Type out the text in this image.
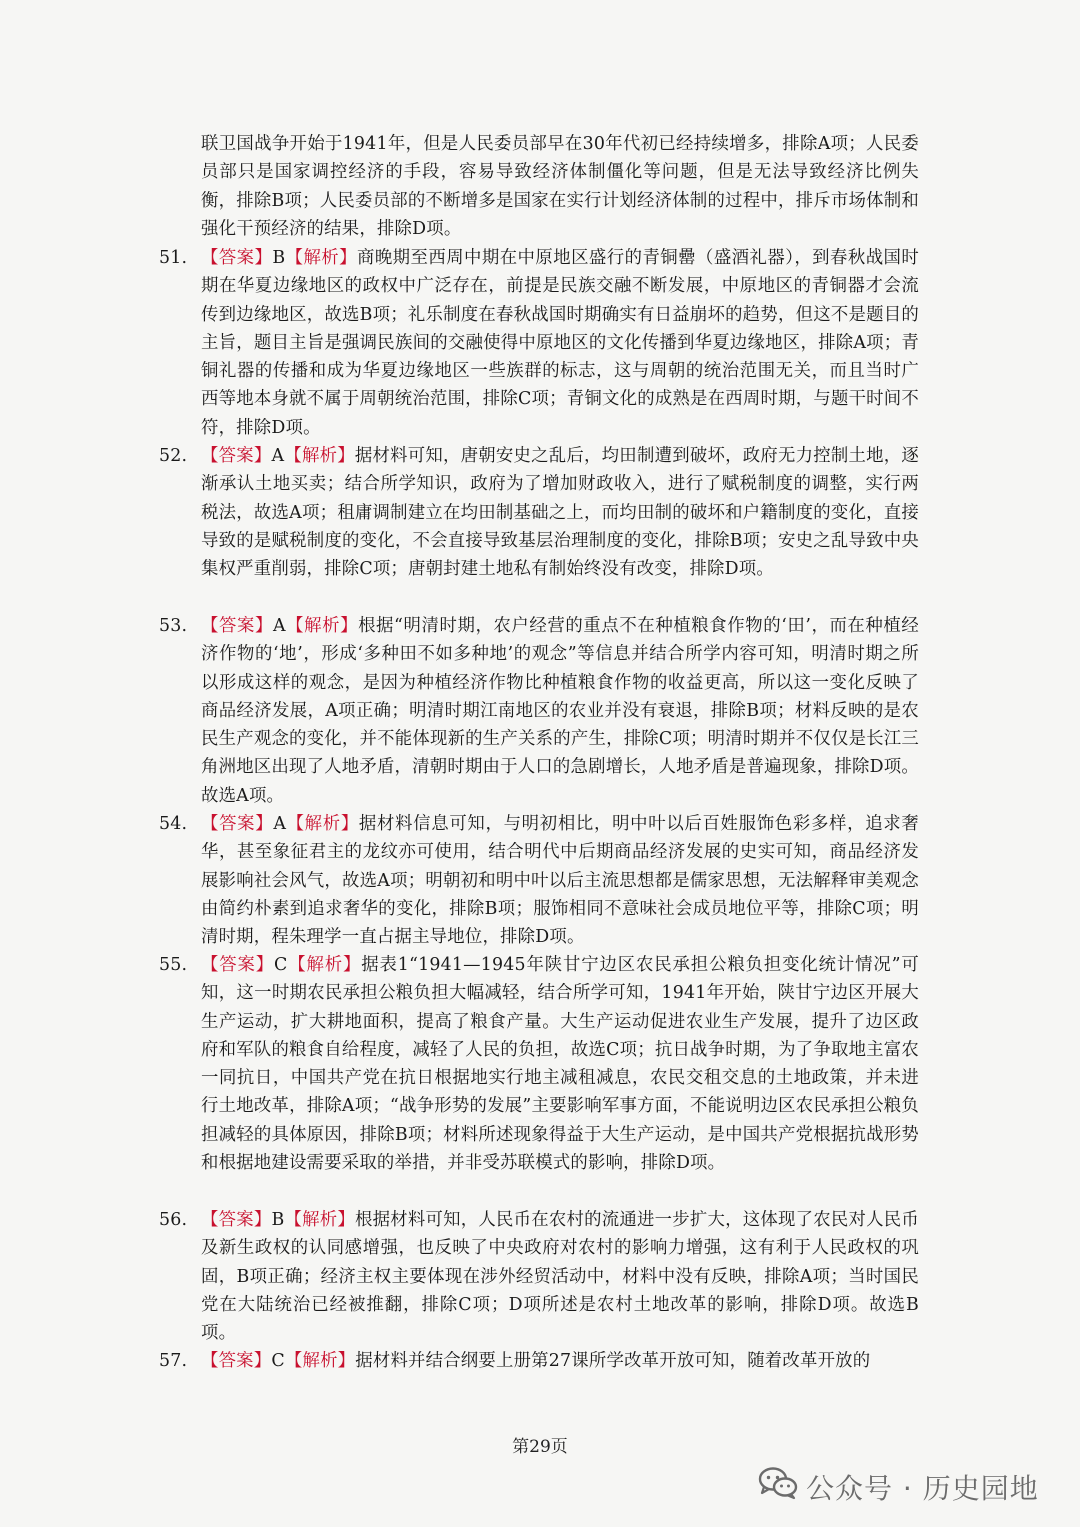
联卫国战争开始于1941年，但是人民委员部早在30年代初已经持续增多，排除A项；人民委员部只是国家调控经济的手段，容易导致经济体制僵化等问题，但是无法导致经济比例失衡，排除B项；人民委员部的不断增多是国家在实行计划经济体制的过程中，排斥市场体制和强化干预经济的结果，排除D项。
51. 【答案】B【解析】商晚期至西周中期在中原地区盛行的青铜罍（盛酒礼器），到春秋战国时期在华夏边缘地区的政权中广泛存在，前提是民族交融不断发展，中原地区的青铜器才会流传到边缘地区，故选B项；礼乐制度在春秋战国时期确实有日益崩坏的趋势，但这不是题目的主旨，题目主旨是强调民族间的交融使得中原地区的文化传播到华夏边缘地区，排除A项；青铜礼器的传播和成为华夏边缘地区一些族群的标志，这与周朝的统治范围无关，而且当时广西等地本身就不属于周朝统治范围，排除C项；青铜文化的成熟是在西周时期，与题干时间不符，排除D项。
52. 【答案】A【解析】据材料可知，唐朝安史之乱后，均田制遭到破坏，政府无力控制土地，逐渐承认土地买卖；结合所学知识，政府为了增加财政收入，进行了赋税制度的调整，实行两税法，故选A项；租庸调制建立在均田制基础之上，而均田制的破坏和户籍制度的变化，直接导致的是赋税制度的变化，不会直接导致基层治理制度的变化，排除B项；安史之乱导致中央集权严重削弱，排除C项；唐朝封建土地私有制始终没有改变，排除D项。
53. 【答案】A【解析】根据“明清时期，农户经营的重点不在种植粮食作物的‘田’，而在种植经济作物的‘地’，形成‘多种田不如多种地’的观念”等信息并结合所学内容可知，明清时期之所以形成这样的观念，是因为种植经济作物比种植粮食作物的收益更高，所以这一变化反映了商品经济发展，A项正确；明清时期江南地区的农业并没有衰退，排除B项；材料反映的是农民生产观念的变化，并不能体现新的生产关系的产生，排除C项；明清时期并不仅仅是长江三角洲地区出现了人地矛盾，清朝时期由于人口的急剧增长，人地矛盾是普遍现象，排除D项。故选A项。
54. 【答案】A【解析】据材料信息可知，与明初相比，明中叶以后百姓服饰色彩多样，追求奢华，甚至象征君主的龙纹亦可使用，结合明代中后期商品经济发展的史实可知，商品经济发展影响社会风气，故选A项；明朝初和明中叶以后主流思想都是儒家思想，无法解释审美观念由简约朴素到追求奢华的变化，排除B项；服饰相同不意味社会成员地位平等，排除C项；明清时期，程朱理学一直占据主导地位，排除D项。
55. 【答案】C【解析】据表1“1941—1945年陕甘宁边区农民承担公粮负担变化统计情况”可知，这一时期农民承担公粮负担大幅减轻，结合所学可知，1941年开始，陕甘宁边区开展大生产运动，扩大耕地面积，提高了粮食产量。大生产运动促进农业生产发展，提升了边区政府和军队的粮食自给程度，减轻了人民的负担，故选C项；抗日战争时期，为了争取地主富农一同抗日，中国共产党在抗日根据地实行地主减租减息，农民交租交息的土地政策，并未进行土地改革，排除A项；“战争形势的发展”主要影响军事方面，不能说明边区农民承担公粮负担减轻的具体原因，排除B项；材料所述现象得益于大生产运动，是中国共产党根据抗战形势和根据地建设需要采取的举措，并非受苏联模式的影响，排除D项。
56. 【答案】B【解析】根据材料可知，人民币在农村的流通进一步扩大，这体现了农民对人民币及新生政权的认同感增强，也反映了中央政府对农村的影响力增强，这有利于人民政权的巩固，B项正确；经济主权主要体现在涉外经贸活动中，材料中没有反映，排除A项；当时国民党在大陆统治已经被推翻，排除C项；D项所述是农村土地改革的影响，排除D项。故选B项。
57. 【答案】C【解析】据材料并结合纲要上册第27课所学改革开放可知，随着改革开放的
第29页
公众号 · 历史园地
